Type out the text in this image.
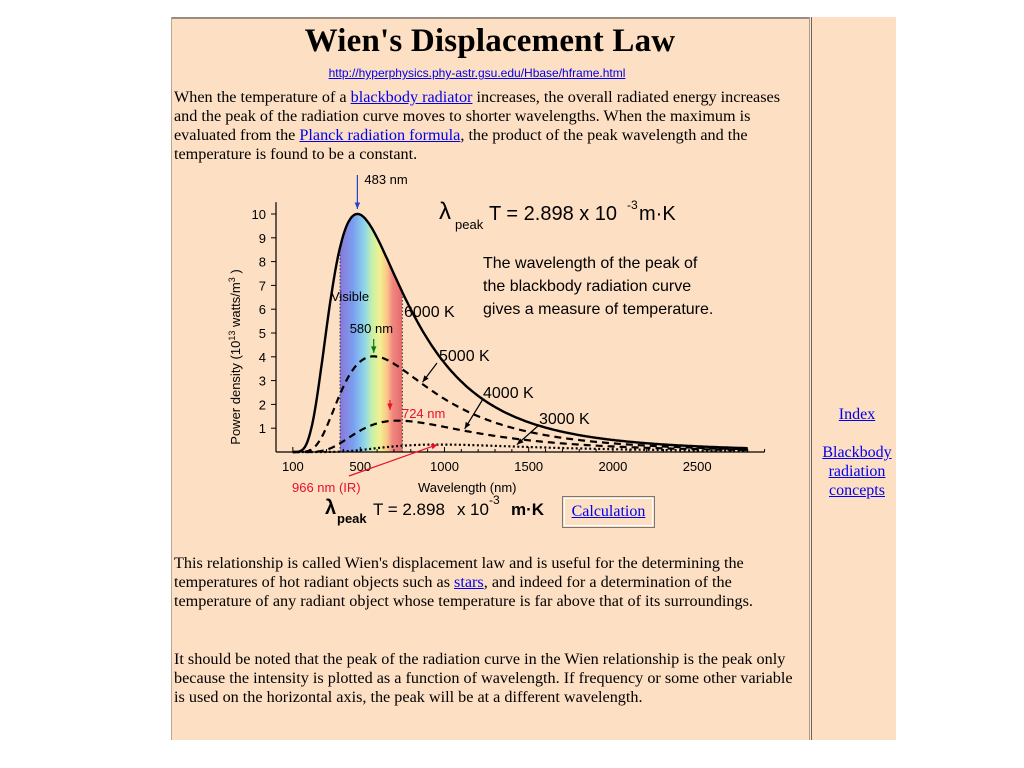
Wien's Displacement Law
http://hyperphysics.phy-astr.gsu.edu/Hbase/hframe.html

When the temperature of a blackbody radiator increases, the overall radiated energy increases and the peak of the radiation curve moves to shorter wavelengths. When the maximum is evaluated from the Planck radiation formula, the product of the peak wavelength and the temperature is found to be a constant.

1
2
3
4
5
6
7
8
9
10
100	500	1000	1500	2000	2500
483 nm
580 nm
724 nm
966 nm (IR)
6000 K
5000 K
4000 K
3000 K
λ peak T = 2.898 x 10 -3 m·K
The wavelength of the peak of
the blackbody radiation curve
gives a measure of temperature.
Visible
Power density ($10^{13}$ watts/$m^3$ )
Wavelength (nm)
λ peak T = 2.898 x 10 -3 m·K	Calculation

This relationship is called Wien's displacement law and is useful for the determining the temperatures of hot radiant objects such as stars, and indeed for a determination of the temperature of any radiant object whose temperature is far above that of its surroundings.

It should be noted that the peak of the radiation curve in the Wien relationship is the peak only because the intensity is plotted as a function of wavelength. If frequency or some other variable is used on the horizontal axis, the peak will be at a different wavelength.

Index
Blackbody
radiation
concepts
